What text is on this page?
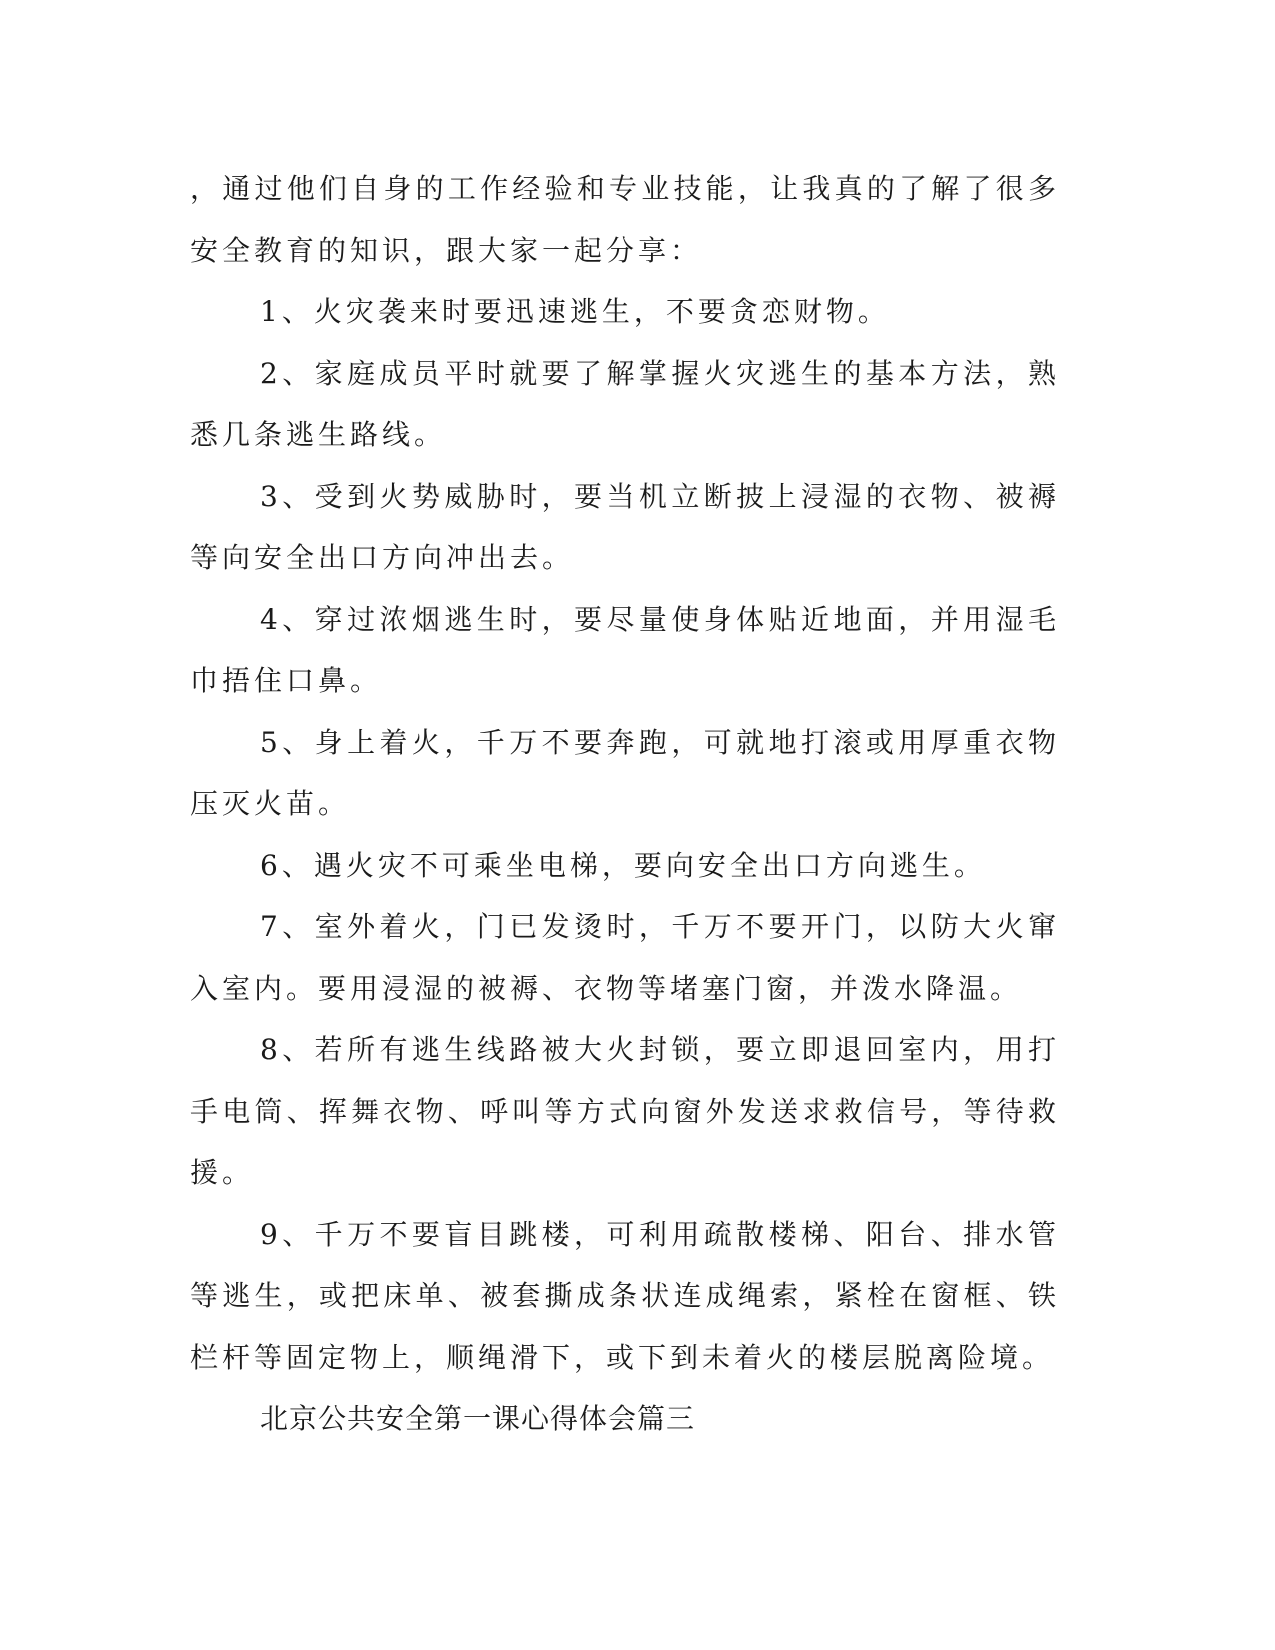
，通过他们自身的工作经验和专业技能，让我真的了解了很多安全教育的知识，跟大家一起分享：

1、火灾袭来时要迅速逃生，不要贪恋财物。

2、家庭成员平时就要了解掌握火灾逃生的基本方法，熟悉几条逃生路线。

3、受到火势威胁时，要当机立断披上浸湿的衣物、被褥等向安全出口方向冲出去。

4、穿过浓烟逃生时，要尽量使身体贴近地面，并用湿毛巾捂住口鼻。

5、身上着火，千万不要奔跑，可就地打滚或用厚重衣物压灭火苗。

6、遇火灾不可乘坐电梯，要向安全出口方向逃生。

7、室外着火，门已发烫时，千万不要开门，以防大火窜入室内。要用浸湿的被褥、衣物等堵塞门窗，并泼水降温。

8、若所有逃生线路被大火封锁，要立即退回室内，用打手电筒、挥舞衣物、呼叫等方式向窗外发送求救信号，等待救援。

9、千万不要盲目跳楼，可利用疏散楼梯、阳台、排水管等逃生，或把床单、被套撕成条状连成绳索，紧栓在窗框、铁栏杆等固定物上，顺绳滑下，或下到未着火的楼层脱离险境。

北京公共安全第一课心得体会篇三
